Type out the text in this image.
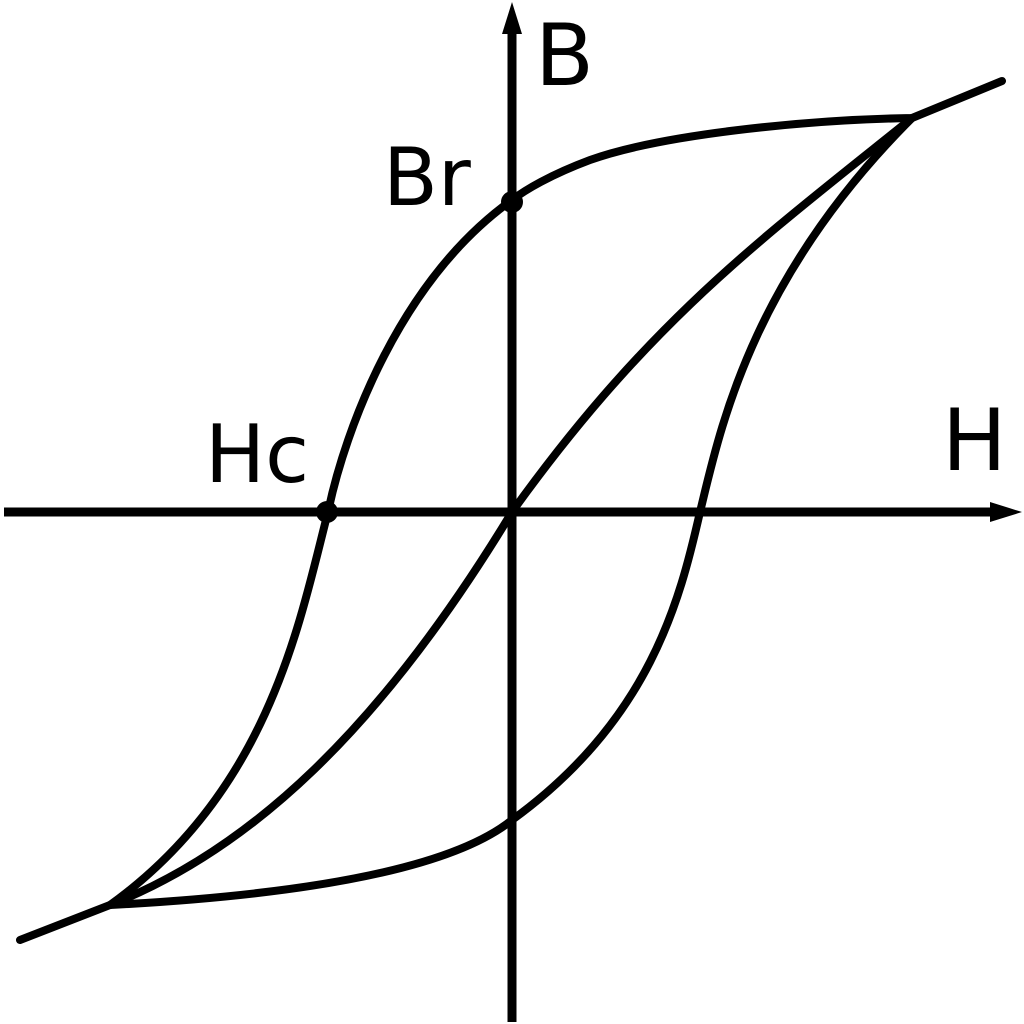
B
H
Br
Hc
